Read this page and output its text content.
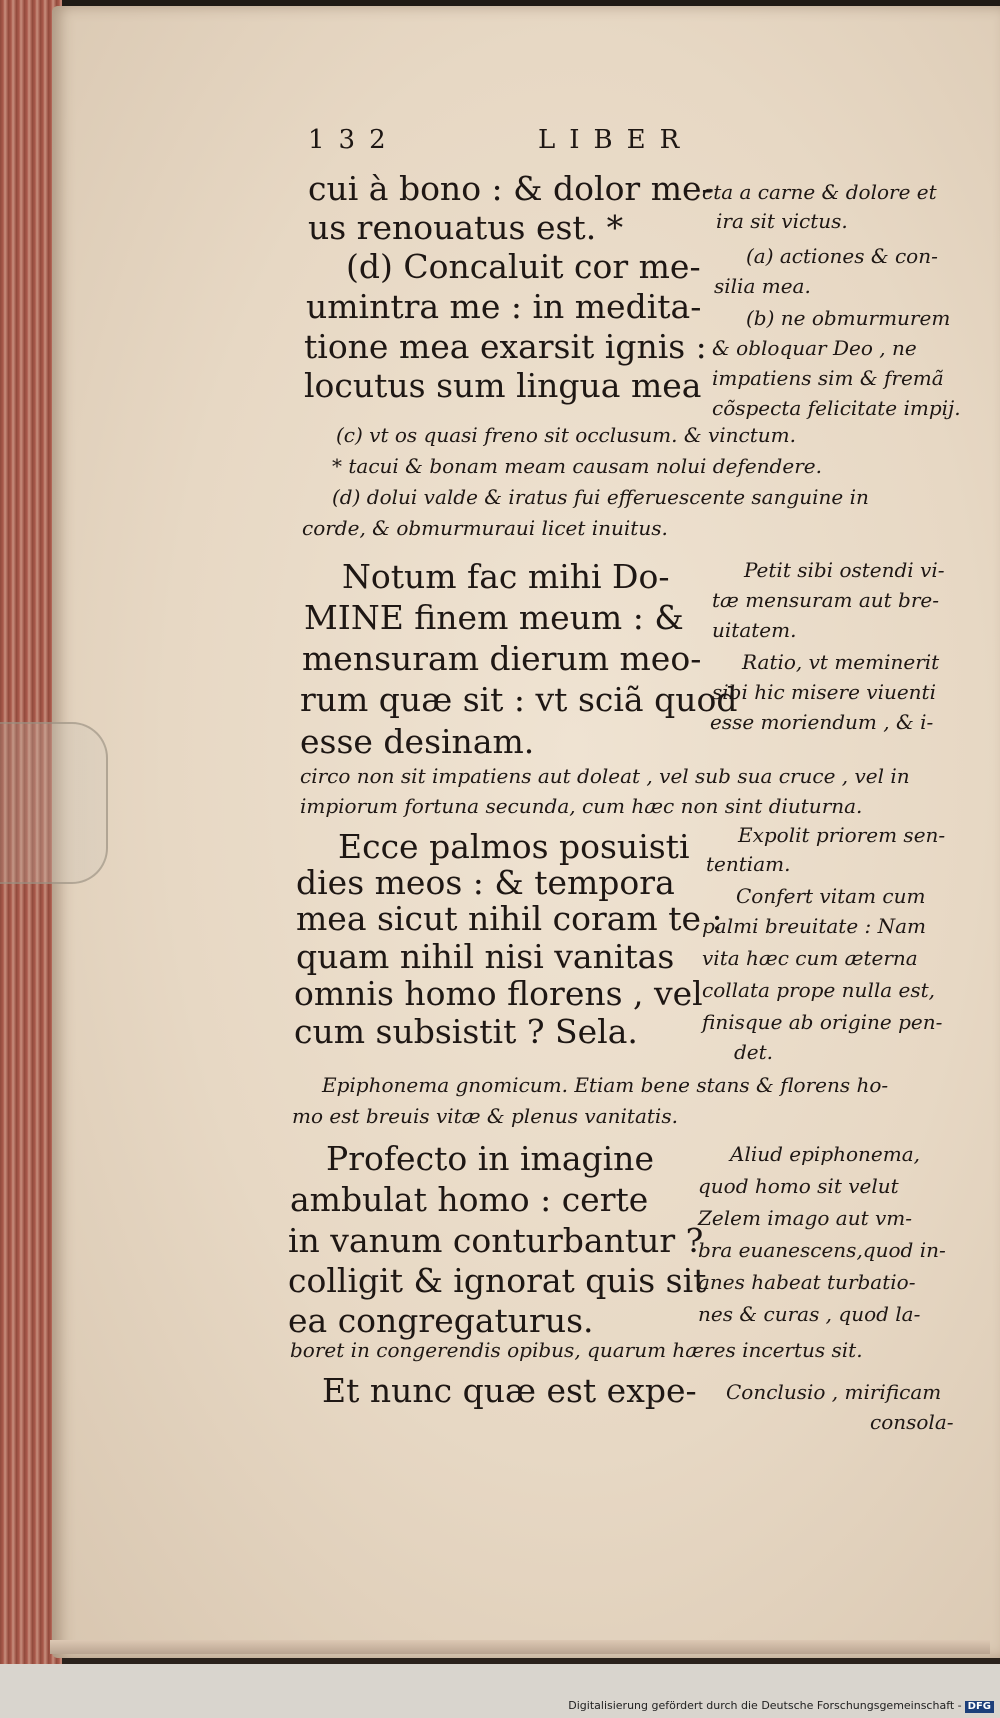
132	LIBER
cui à bono : & dolor me-
us renouatus est. *
(d) Concaluit cor me-
umintra me : in medita-
tione mea exarsit ignis :
locutus sum lingua mea
Notum fac mihi Do-
MINE finem meum : &
mensuram dierum meo-
rum quæ sit : vt sciã quod
esse desinam.
Ecce palmos posuisti
dies meos : & tempora
mea sicut nihil coram te :
quam nihil nisi vanitas
omnis homo florens , vel
cum subsistit ? Sela.
Profecto in imagine
ambulat homo : certe
in vanum conturbantur ?
colligit & ignorat quis sit
ea congregaturus.
Et nunc quæ est expe-
(c) vt os quasi freno sit occlusum. & vinctum.
* tacui & bonam meam causam nolui defendere.
(d) dolui valde & iratus fui efferuescente sanguine in
corde, & obmurmuraui licet inuitus.
circo non sit impatiens aut doleat , vel sub sua cruce , vel in
impiorum fortuna secunda, cum hæc non sint diuturna.
Epiphonema gnomicum. Etiam bene stans & florens ho-
mo est breuis vitæ & plenus vanitatis.
boret in congerendis opibus, quarum hæres incertus sit.
cta a carne & dolore et
ira sit victus.
(a) actiones & con-
silia mea.
(b) ne obmurmurem
& obloquar Deo , ne
impatiens sim & fremã
cõspecta felicitate impij.
Petit sibi ostendi vi-
tæ mensuram aut bre-
uitatem.
Ratio, vt meminerit
sibi hic misere viuenti
esse moriendum , & i-
Expolit priorem sen-
tentiam.
Confert vitam cum
palmi breuitate : Nam
vita hæc cum æterna
collata prope nulla est,
finisque ab origine pen-
det.
Aliud epiphonema,
quod homo sit velut
Zelem imago aut vm-
bra euanescens,quod in-
anes habeat turbatio-
nes & curas , quod la-
Conclusio , mirificam
consola-
Digitalisierung gefördert durch die Deutsche Forschungsgemeinschaft - DFG
